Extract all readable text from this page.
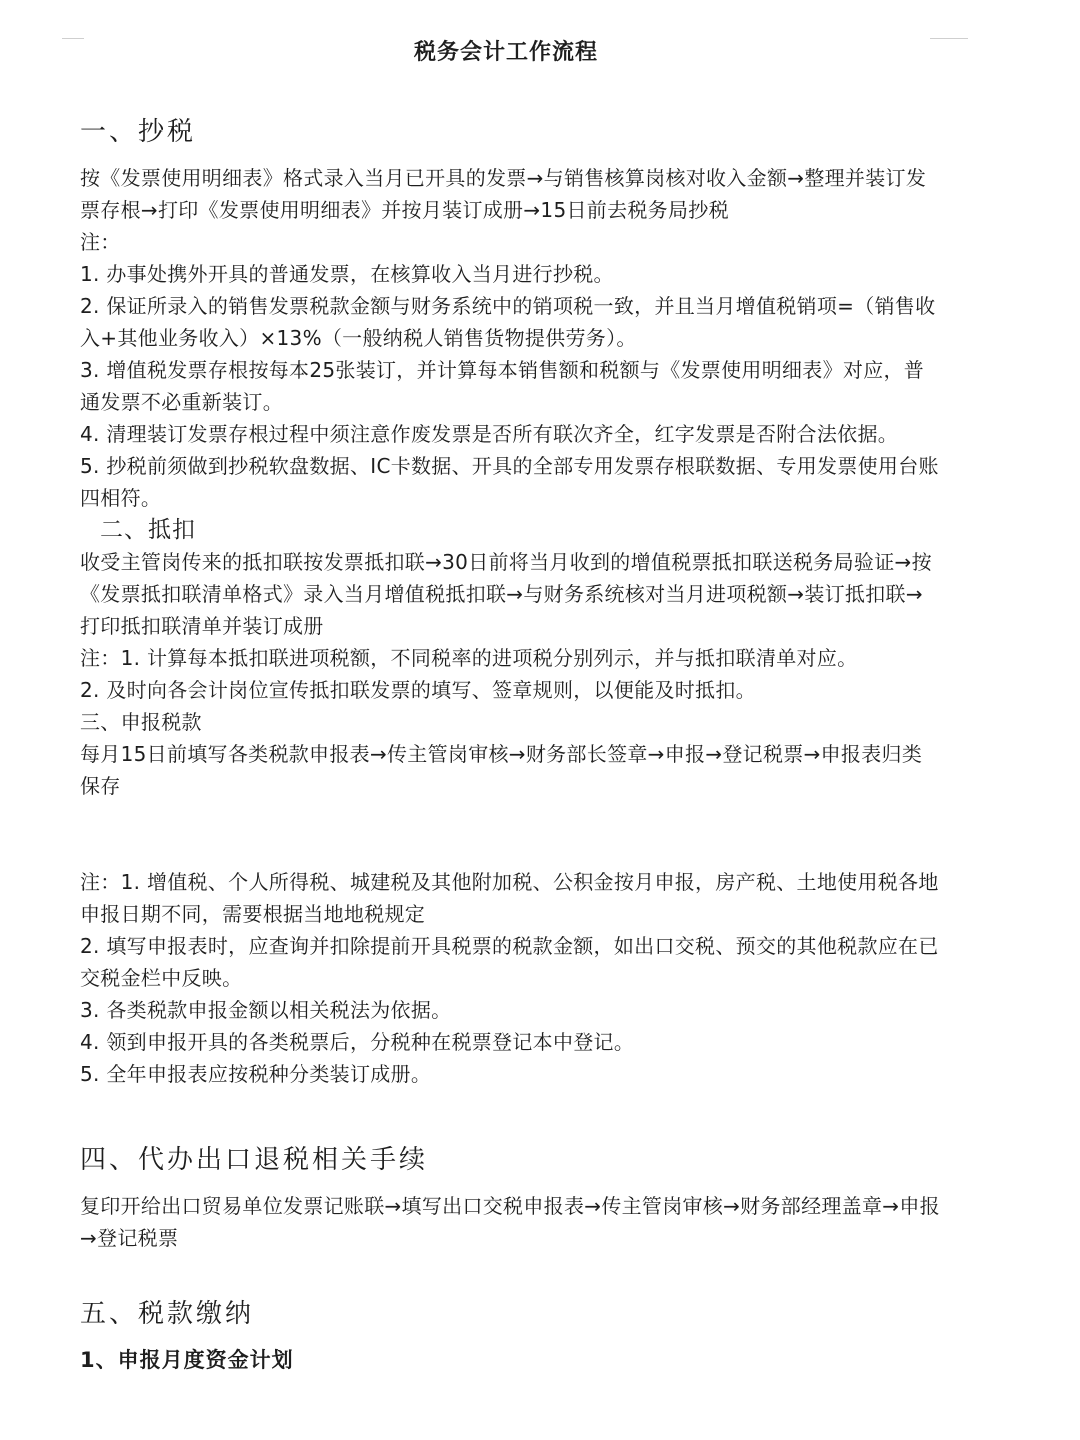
税务会计工作流程
一、抄税

按《发票使用明细表》格式录入当月已开具的发票→与销售核算岗核对收入金额→整理并装订发票存根→打印《发票使用明细表》并按月装订成册→15日前去税务局抄税

注：

1. 办事处携外开具的普通发票，在核算收入当月进行抄税。

2. 保证所录入的销售发票税款金额与财务系统中的销项税一致，并且当月增值税销项=（销售收入+其他业务收入）×13%（一般纳税人销售货物提供劳务）。

3. 增值税发票存根按每本25张装订，并计算每本销售额和税额与《发票使用明细表》对应，普通发票不必重新装订。

4. 清理装订发票存根过程中须注意作废发票是否所有联次齐全，红字发票是否附合法依据。

5. 抄税前须做到抄税软盘数据、IC卡数据、开具的全部专用发票存根联数据、专用发票使用台账四相符。

二、抵扣

收受主管岗传来的抵扣联按发票抵扣联→30日前将当月收到的增值税票抵扣联送税务局验证→按《发票抵扣联清单格式》录入当月增值税抵扣联→与财务系统核对当月进项税额→装订抵扣联→打印抵扣联清单并装订成册

注：1. 计算每本抵扣联进项税额，不同税率的进项税分别列示，并与抵扣联清单对应。

2. 及时向各会计岗位宣传抵扣联发票的填写、签章规则，以便能及时抵扣。

三、申报税款

每月15日前填写各类税款申报表→传主管岗审核→财务部长签章→申报→登记税票→申报表归类保存

注：1. 增值税、个人所得税、城建税及其他附加税、公积金按月申报，房产税、土地使用税各地申报日期不同，需要根据当地地税规定

2. 填写申报表时，应查询并扣除提前开具税票的税款金额，如出口交税、预交的其他税款应在已交税金栏中反映。

3. 各类税款申报金额以相关税法为依据。

4. 领到申报开具的各类税票后，分税种在税票登记本中登记。

5. 全年申报表应按税种分类装订成册。

四、代办出口退税相关手续

复印开给出口贸易单位发票记账联→填写出口交税申报表→传主管岗审核→财务部经理盖章→申报→登记税票

五、税款缴纳

1、申报月度资金计划
